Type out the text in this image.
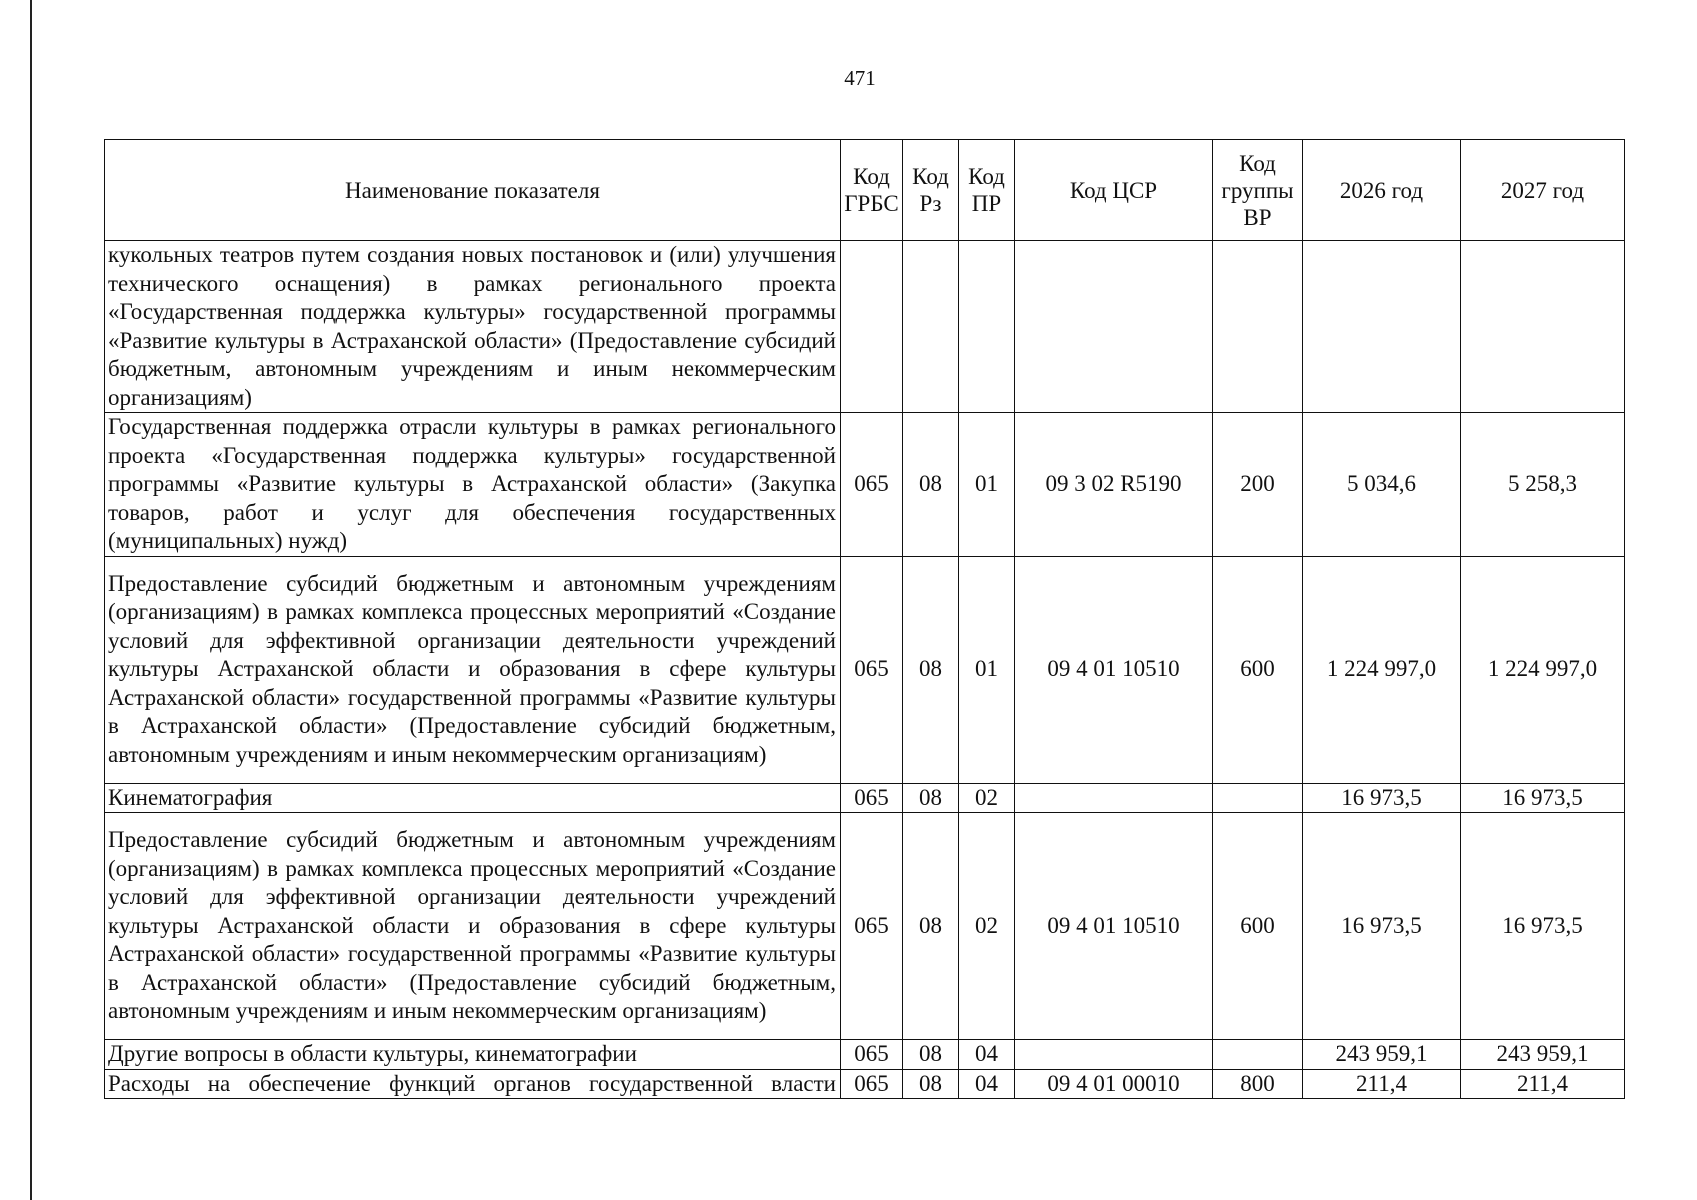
471
Наименование показателя	Код ГРБС	Код Рз	Код ПР	Код ЦСР	Код группы ВР	2026 год	2027 год
кукольных театров путем создания новых постановок и (или) улучшения технического оснащения) в рамках регионального проекта «Государственная поддержка культуры» государственной программы «Развитие культуры в Астраханской области» (Предоставление субсидий бюджетным, автономным учреждениям и иным некоммерческим организациям)							
Государственная поддержка отрасли культуры в рамках регионального проекта «Государственная поддержка культуры» государственной программы «Развитие культуры в Астраханской области» (Закупка товаров, работ и услуг для обеспечения государственных (муниципальных) нужд)	065	08	01	09 3 02 R5190	200	5 034,6	5 258,3
Предоставление субсидий бюджетным и автономным учреждениям (организациям) в рамках комплекса процессных мероприятий «Создание условий для эффективной организации деятельности учреждений культуры Астраханской области и образования в сфере культуры Астраханской области» государственной программы «Развитие культуры в Астраханской области» (Предоставление субсидий бюджетным, автономным учреждениям и иным некоммерческим организациям)	065	08	01	09 4 01 10510	600	1 224 997,0	1 224 997,0
Кинематография	065	08	02			16 973,5	16 973,5
Предоставление субсидий бюджетным и автономным учреждениям (организациям) в рамках комплекса процессных мероприятий «Создание условий для эффективной организации деятельности учреждений культуры Астраханской области и образования в сфере культуры Астраханской области» государственной программы «Развитие культуры в Астраханской области» (Предоставление субсидий бюджетным, автономным учреждениям и иным некоммерческим организациям)	065	08	02	09 4 01 10510	600	16 973,5	16 973,5
Другие вопросы в области культуры, кинематографии	065	08	04			243 959,1	243 959,1
Расходы на обеспечение функций органов государственной власти	065	08	04	09 4 01 00010	800	211,4	211,4
